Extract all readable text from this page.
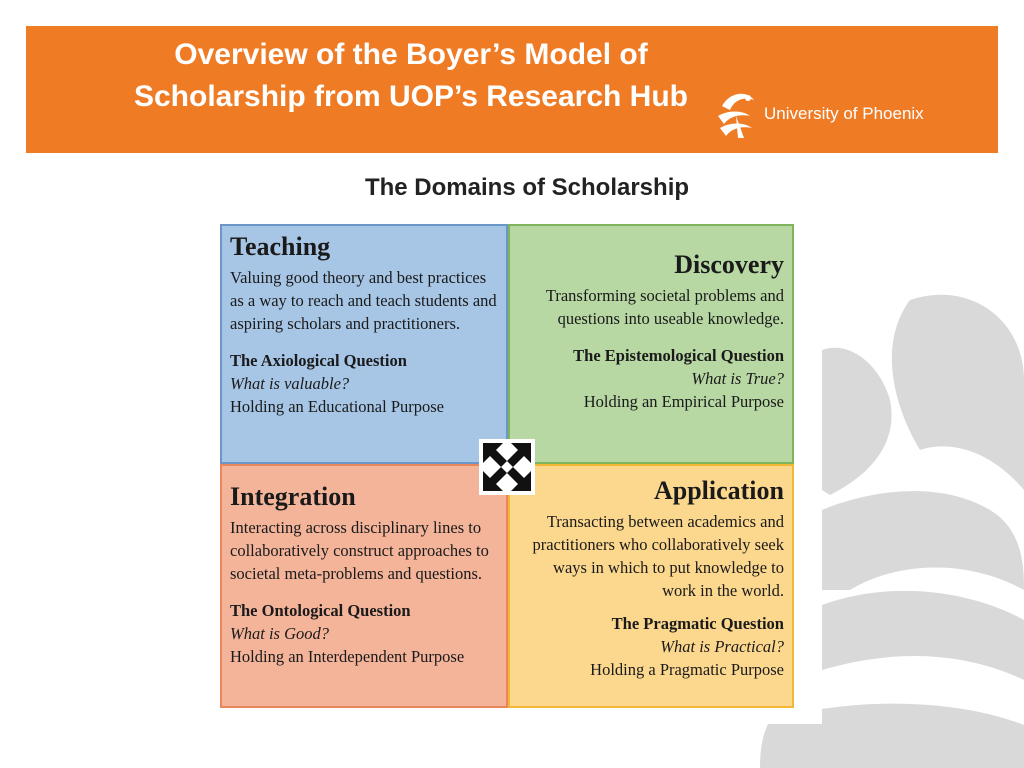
Overview of the Boyer’s Model of Scholarship from UOP’s Research Hub
University of Phoenix
The Domains of Scholarship

Teaching

Valuing good theory and best practices as a way to reach and teach students and aspiring scholars and practitioners.

The Axiological Question

What is valuable?

Holding an Educational Purpose

Discovery

Transforming societal problems and questions into useable knowledge.

The Epistemological Question

What is True?

Holding an Empirical Purpose

Integration

Interacting across disciplinary lines to collaboratively construct approaches to societal meta-problems and questions.

The Ontological Question

What is Good?

Holding an Interdependent Purpose

Application

Transacting between academics and practitioners who collaboratively seek ways in which to put knowledge to work in the world.

The Pragmatic Question

What is Practical?

Holding a Pragmatic Purpose
